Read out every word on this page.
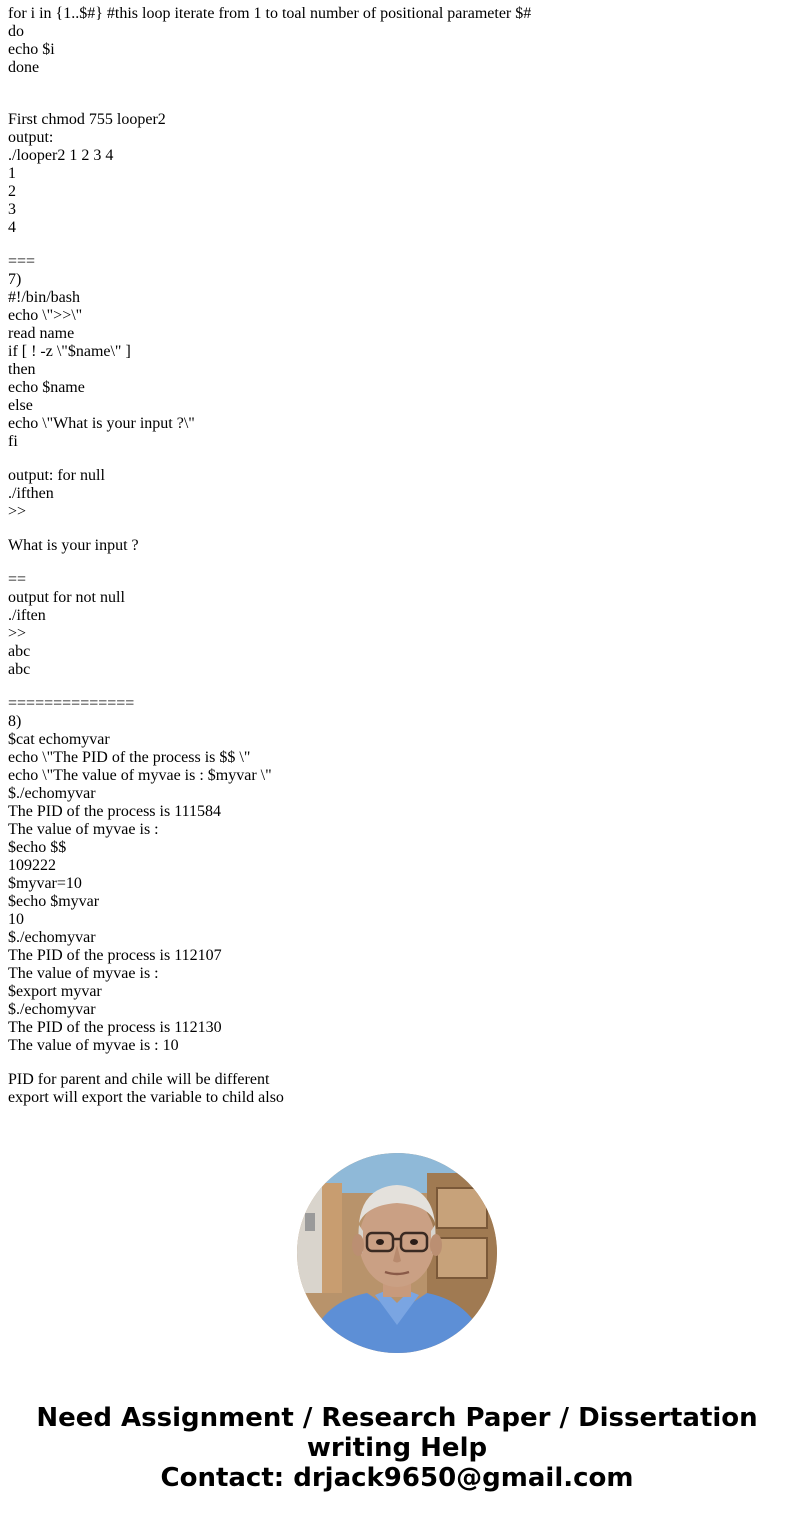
for i in {1..$#} #this loop iterate from 1 to toal number of positional parameter $#
do
echo $i
done
First chmod 755 looper2
output:
./looper2 1 2 3 4
1
2
3
4
===
7)
#!/bin/bash
echo \">>\"
read name
if [ ! -z \"$name\" ]
then
echo $name
else
echo \"What is your input ?\"
fi
output: for null
./ifthen
>>
What is your input ?
==
output for not null
./iften
>>
abc
abc
==============
8)
$cat echomyvar
echo \"The PID of the process is $$ \"
echo \"The value of myvae is : $myvar \"
$./echomyvar
The PID of the process is 111584
The value of myvae is :
$echo $$
109222
$myvar=10
$echo $myvar
10
$./echomyvar
The PID of the process is 112107
The value of myvae is :
$export myvar
$./echomyvar
The PID of the process is 112130
The value of myvae is : 10
PID for parent and chile will be different
export will export the variable to child also
Need Assignment / Research Paper / Dissertation
writing Help
Contact: drjack9650@gmail.com
